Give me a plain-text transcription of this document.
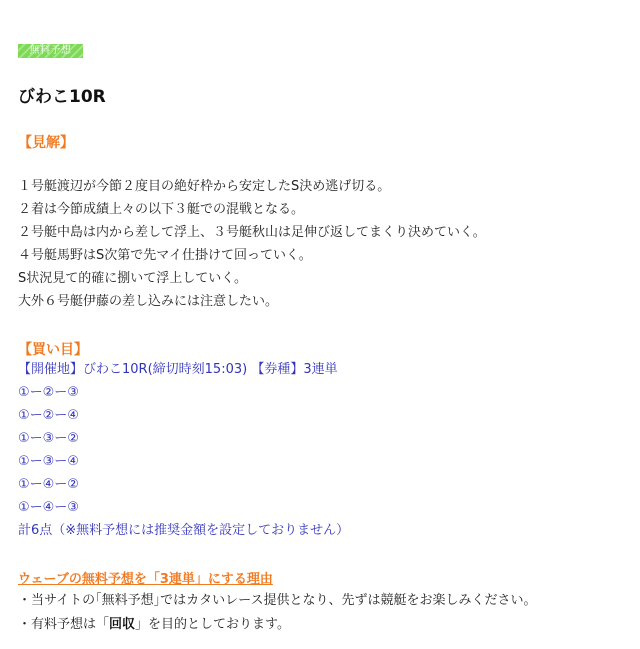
無料予想
びわこ10R
【見解】
１号艇渡辺が今節２度目の絶好枠から安定したS決め逃げ切る。
２着は今節成績上々の以下３艇での混戦となる。
２号艇中島は内から差して浮上、３号艇秋山は足伸び返してまくり決めていく。
４号艇馬野はS次第で先マイ仕掛けて回っていく。
S状況見て的確に捌いて浮上していく。
大外６号艇伊藤の差し込みには注意したい。
【買い目】
【開催地】びわこ10R(締切時刻15:03) 【券種】3連単
①ー②ー③
①ー②ー④
①ー③ー②
①ー③ー④
①ー④ー②
①ー④ー③
計6点（※無料予想には推奨金額を設定しておりません）
ウェーブの無料予想を「3連単」にする理由
・当サイトの｢無料予想｣ではカタいレース提供となり、先ずは競艇をお楽しみください。
・有料予想は「回収」を目的としております。
